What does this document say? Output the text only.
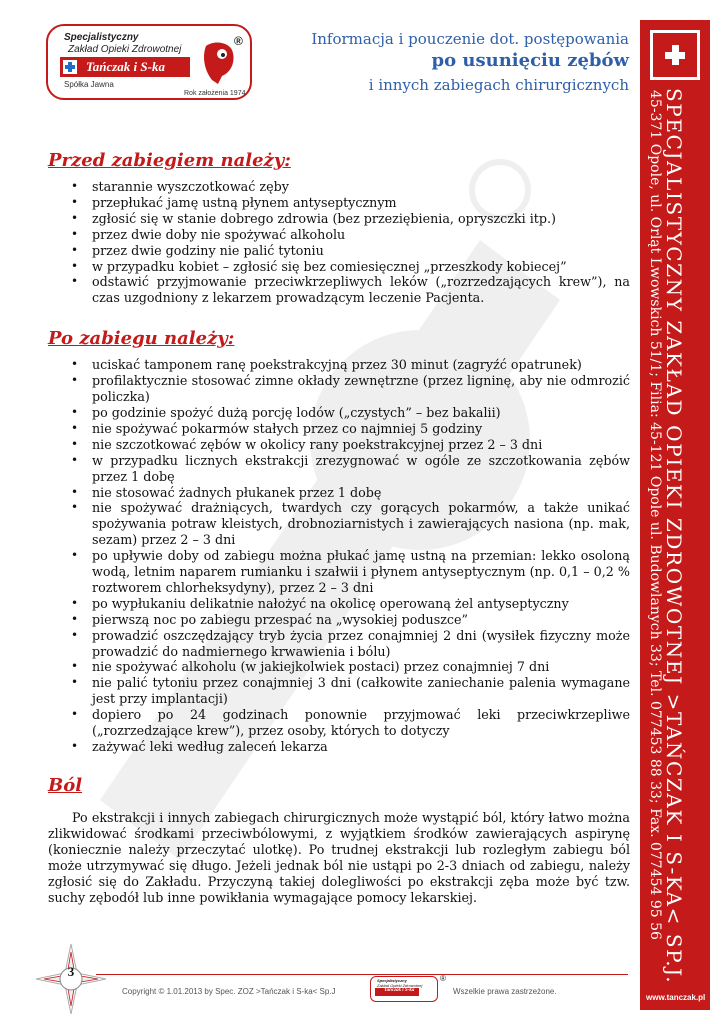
Specjalistyczny
Zakład Opieki Zdrowotnej
Tańczak i S-ka
Spółka Jawna
Rok założenia 1974
®	Informacja i pouczenie dot. postępowania
po usunięciu zębów
i innych zabiegach chirurgicznych
SPECJALISTYCZNY ZAKŁAD OPIEKI ZDROWOTNEJ >TAŃCZAK I S-KA< SP.J.
45-371 Opole, ul. Orląt Lwowskich 51/1; Filia: 45-121 Opole ul. Budowlanych 33; Tel. 077453 88 33; Fax. 077454 95 56
www.tanczak.pl
Przed zabiegiem należy:
• starannie wyszczotkować zęby
• przepłukać jamę ustną płynem antyseptycznym
• zgłosić się w stanie dobrego zdrowia (bez przeziębienia, opryszczki itp.)
• przez dwie doby nie spożywać alkoholu
• przez dwie godziny nie palić tytoniu
• w przypadku kobiet – zgłosić się bez comiesięcznej „przeszkody kobiecej”
• odstawić przyjmowanie przeciwkrzepliwych leków („rozrzedzających krew”), na czas uzgodniony z lekarzem prowadzącym leczenie Pacjenta.
Po zabiegu należy:
• uciskać tamponem ranę poekstrakcyjną przez 30 minut (zagryźć opatrunek)
• profilaktycznie stosować zimne okłady zewnętrzne (przez ligninę, aby nie odmrozić policzka)
• po godzinie spożyć dużą porcję lodów („czystych” – bez bakalii)
• nie spożywać pokarmów stałych przez co najmniej 5 godziny
• nie szczotkować zębów w okolicy rany poekstrakcyjnej przez 2 – 3 dni
• w przypadku licznych ekstrakcji zrezygnować w ogóle ze szczotkowania zębów przez 1 dobę
• nie stosować żadnych płukanek przez 1 dobę
• nie spożywać drażniących, twardych czy gorących pokarmów, a także unikać spożywania potraw kleistych, drobnoziarnistych i zawierających nasiona (np. mak, sezam) przez 2 – 3 dni
• po upływie doby od zabiegu można płukać jamę ustną na przemian: lekko osoloną wodą, letnim naparem rumianku i szałwii i płynem antyseptycznym (np. 0,1 – 0,2 % roztworem chlorheksydyny), przez 2 – 3 dni
• po wypłukaniu delikatnie nałożyć na okolicę operowaną żel antyseptyczny
• pierwszą noc po zabiegu przespać na „wysokiej poduszce”
• prowadzić oszczędzający tryb życia przez conajmniej 2 dni (wysiłek fizyczny może prowadzić do nadmiernego krwawienia i bólu)
• nie spożywać alkoholu (w jakiejkolwiek postaci) przez conajmniej 7 dni
• nie palić tytoniu przez conajmniej 3 dni (całkowite zaniechanie palenia wymagane jest przy implantacji)
• dopiero po 24 godzinach ponownie przyjmować leki przeciwkrzepliwe („rozrzedzające krew”), przez osoby, których to dotyczy
• zażywać leki według zaleceń lekarza
Ból

Po ekstrakcji i innych zabiegach chirurgicznych może wystąpić ból, który łatwo można zlikwidować środkami przeciwbólowymi, z wyjątkiem środków zawierających aspirynę (koniecznie należy przeczytać ulotkę). Po trudnej ekstrakcji lub rozległym zabiegu ból może utrzymywać się długo. Jeżeli jednak ból nie ustąpi po 2-3 dniach od zabiegu, należy zgłosić się do Zakładu. Przyczyną takiej dolegliwości po ekstrakcji zęba może być tzw. suchy zębodół lub inne powikłania wymagające pomocy lekarskiej.

3
Copyright © 1.01.2013 by Spec. ZOZ >Tańczak i S-ka< Sp.J
Specjalistyczny
Zakład Opieki Zdrowotnej
Tańczak i S-ka
®
Wszelkie prawa zastrzeżone.
